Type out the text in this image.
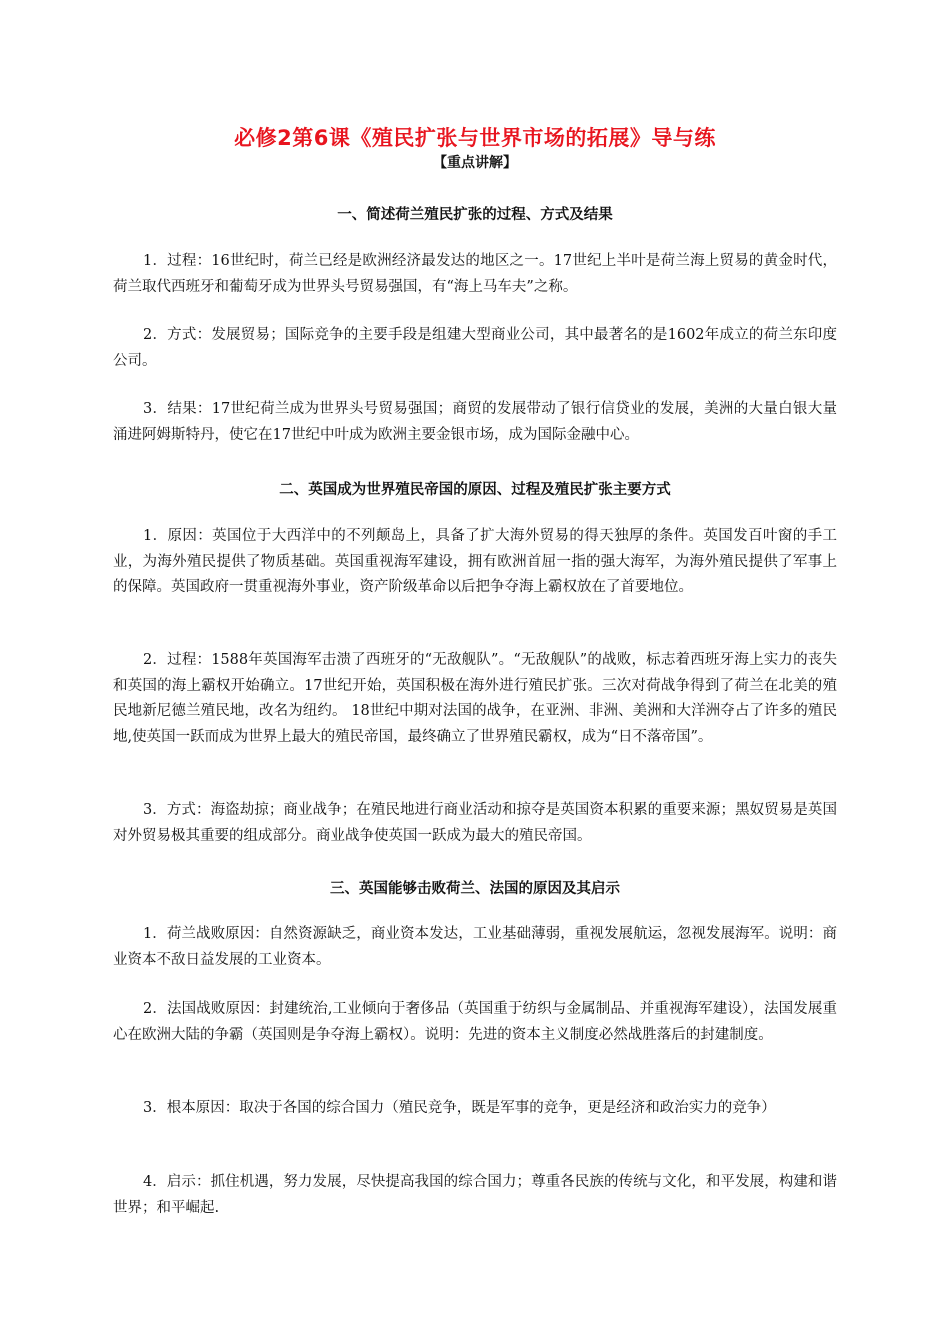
必修2第6课《殖民扩张与世界市场的拓展》导与练
【重点讲解】
一、简述荷兰殖民扩张的过程、方式及结果

1．过程：16世纪时，荷兰已经是欧洲经济最发达的地区之一。17世纪上半叶是荷兰海上贸易的黄金时代，荷兰取代西班牙和葡萄牙成为世界头号贸易强国，有“海上马车夫”之称。

2．方式：发展贸易；国际竞争的主要手段是组建大型商业公司，其中最著名的是1602年成立的荷兰东印度公司。

3．结果：17世纪荷兰成为世界头号贸易强国；商贸的发展带动了银行信贷业的发展，美洲的大量白银大量涌进阿姆斯特丹，使它在17世纪中叶成为欧洲主要金银市场，成为国际金融中心。

二、英国成为世界殖民帝国的原因、过程及殖民扩张主要方式

1．原因：英国位于大西洋中的不列颠岛上，具备了扩大海外贸易的得天独厚的条件。英国发百叶窗的手工业，为海外殖民提供了物质基础。英国重视海军建设，拥有欧洲首屈一指的强大海军，为海外殖民提供了军事上的保障。英国政府一贯重视海外事业，资产阶级革命以后把争夺海上霸权放在了首要地位。

2．过程：1588年英国海军击溃了西班牙的“无敌舰队”。“无敌舰队”的战败，标志着西班牙海上实力的丧失和英国的海上霸权开始确立。17世纪开始，英国积极在海外进行殖民扩张。三次对荷战争得到了荷兰在北美的殖民地新尼德兰殖民地，改名为纽约。 18世纪中期对法国的战争，在亚洲、非洲、美洲和大洋洲夺占了许多的殖民地,使英国一跃而成为世界上最大的殖民帝国，最终确立了世界殖民霸权，成为“日不落帝国”。

3．方式：海盗劫掠；商业战争；在殖民地进行商业活动和掠夺是英国资本积累的重要来源；黑奴贸易是英国对外贸易极其重要的组成部分。商业战争使英国一跃成为最大的殖民帝国。

三、英国能够击败荷兰、法国的原因及其启示

1．荷兰战败原因：自然资源缺乏，商业资本发达，工业基础薄弱，重视发展航运，忽视发展海军。说明：商业资本不敌日益发展的工业资本。

2．法国战败原因：封建统治,工业倾向于奢侈品（英国重于纺织与金属制品、并重视海军建设），法国发展重心在欧洲大陆的争霸（英国则是争夺海上霸权）。说明：先进的资本主义制度必然战胜落后的封建制度。

3．根本原因：取决于各国的综合国力（殖民竞争，既是军事的竞争，更是经济和政治实力的竞争）

4．启示：抓住机遇，努力发展，尽快提高我国的综合国力；尊重各民族的传统与文化，和平发展，构建和谐世界；和平崛起.
